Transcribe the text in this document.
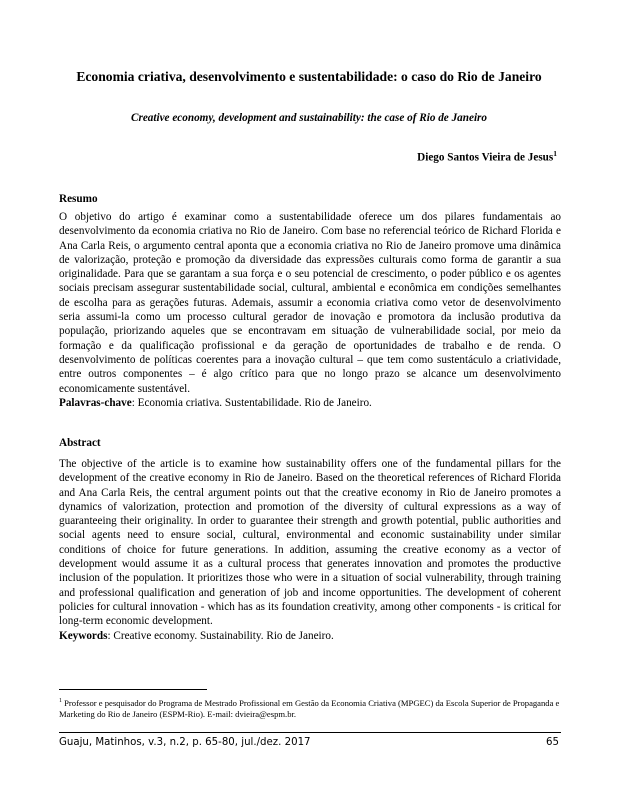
Economia criativa, desenvolvimento e sustentabilidade: o caso do Rio de Janeiro
Creative economy, development and sustainability: the case of Rio de Janeiro
Diego Santos Vieira de Jesus$^1$
Resumo

O objetivo do artigo é examinar como a sustentabilidade oferece um dos pilares fundamentais ao desenvolvimento da economia criativa no Rio de Janeiro. Com base no referencial teórico de Richard Florida e Ana Carla Reis, o argumento central aponta que a economia criativa no Rio de Janeiro promove uma dinâmica de valorização, proteção e promoção da diversidade das expressões culturais como forma de garantir a sua originalidade. Para que se garantam a sua força e o seu potencial de crescimento, o poder público e os agentes sociais precisam assegurar sustentabilidade social, cultural, ambiental e econômica em condições semelhantes de escolha para as gerações futuras. Ademais, assumir a economia criativa como vetor de desenvolvimento seria assumi-la como um processo cultural gerador de inovação e promotora da inclusão produtiva da população, priorizando aqueles que se encontravam em situação de vulnerabilidade social, por meio da formação e da qualificação profissional e da geração de oportunidades de trabalho e de renda. O desenvolvimento de políticas coerentes para a inovação cultural – que tem como sustentáculo a criatividade, entre outros componentes – é algo crítico para que no longo prazo se alcance um desenvolvimento economicamente sustentável.

Palavras-chave: Economia criativa. Sustentabilidade. Rio de Janeiro.

Abstract

The objective of the article is to examine how sustainability offers one of the fundamental pillars for the development of the creative economy in Rio de Janeiro. Based on the theoretical references of Richard Florida and Ana Carla Reis, the central argument points out that the creative economy in Rio de Janeiro promotes a dynamics of valorization, protection and promotion of the diversity of cultural expressions as a way of guaranteeing their originality. In order to guarantee their strength and growth potential, public authorities and social agents need to ensure social, cultural, environmental and economic sustainability under similar conditions of choice for future generations. In addition, assuming the creative economy as a vector of development would assume it as a cultural process that generates innovation and promotes the productive inclusion of the population. It prioritizes those who were in a situation of social vulnerability, through training and professional qualification and generation of job and income opportunities. The development of coherent policies for cultural innovation - which has as its foundation creativity, among other components - is critical for long-term economic development.

Keywords: Creative economy. Sustainability. Rio de Janeiro.

$^1$ Professor e pesquisador do Programa de Mestrado Profissional em Gestão da Economia Criativa (MPGEC) da Escola Superior de Propaganda e Marketing do Rio de Janeiro (ESPM-Rio). E-mail: dvieira@espm.br.
Guaju, Matinhos, v.3, n.2, p. 65-80, jul./dez. 2017	65
